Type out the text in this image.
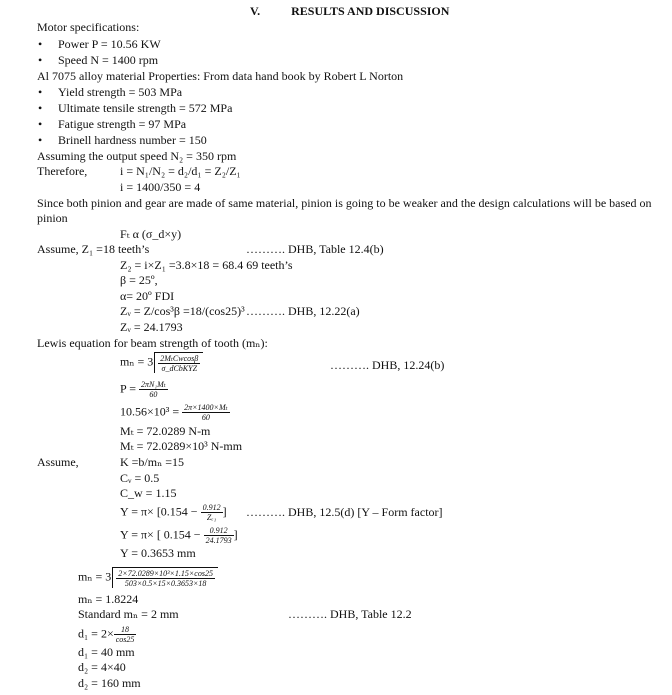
V.	RESULTS AND DISCUSSION
Motor specifications:
• Power P = 10.56 KW
• Speed N = 1400 rpm
Al 7075 alloy material Properties: From data hand book by Robert L Norton
• Yield strength = 503 MPa
• Ultimate tensile strength = 572 MPa
• Fatigue strength = 97 MPa
• Brinell hardness number = 150
Assuming the output speed N₂ = 350 rpm
Therefore,	i = N₁/N₂ = d₂/d₁ = Z₂/Z₁
i = 1400/350 = 4
Since both pinion and gear are made of same material, pinion is going to be weaker and the design calculations will be based on
pinion
Fₜ α (σ_d×y)
Assume, Z₁ =18 teeth’s	………. DHB, Table 12.4(b)
Z₂ = i×Z₁ =3.8×18 = 68.4 69 teeth’s
β = 25º,
α= 20º FDI
Zᵥ = Z/cos³β =18/(cos25)³ ………. DHB, 12.22(a)
Zᵥ = 24.1793
Lewis equation for beam strength of tooth (mₙ):
$m_n = 3 \frac{\text{2MₜCwcosβ}}{\text{σ\_dCbKYZ}}$	………. DHB, 12.24(b)
$P = \frac{\text{2πN₁Mₜ}}{60}$
$10.56\times 10^3 = \frac{\text{2π×1400×Mₜ}}{60}$
Mₜ = 72.0289 N-m
Mₜ = 72.0289×10³ N-mm
Assume,	K =b/mₙ =15
Cᵥ = 0.5
C_w = 1.15
$Y = \pi\times [0.154 - \frac{0.912}{\text{Zₑ₁}}$ ] ………. DHB, 12.5(d) [Y – Form factor]
Y = π× [ $0.154 - \frac{0.912}{24.1793}$ ]
Y = 0.3653 mm
$m_n = 3 \frac{\text{2×72.0289×10³×1.15×cos25}}{503\times 0.5\times 15\times 0.3653\times 18}$
mₙ = 1.8224
Standard mₙ = 2 mm	………. DHB, Table 12.2
$d_1 = 2\times \frac{18}{\cos 25}$
d₁ = 40 mm
d₂ = 4×40
d₂ = 160 mm
